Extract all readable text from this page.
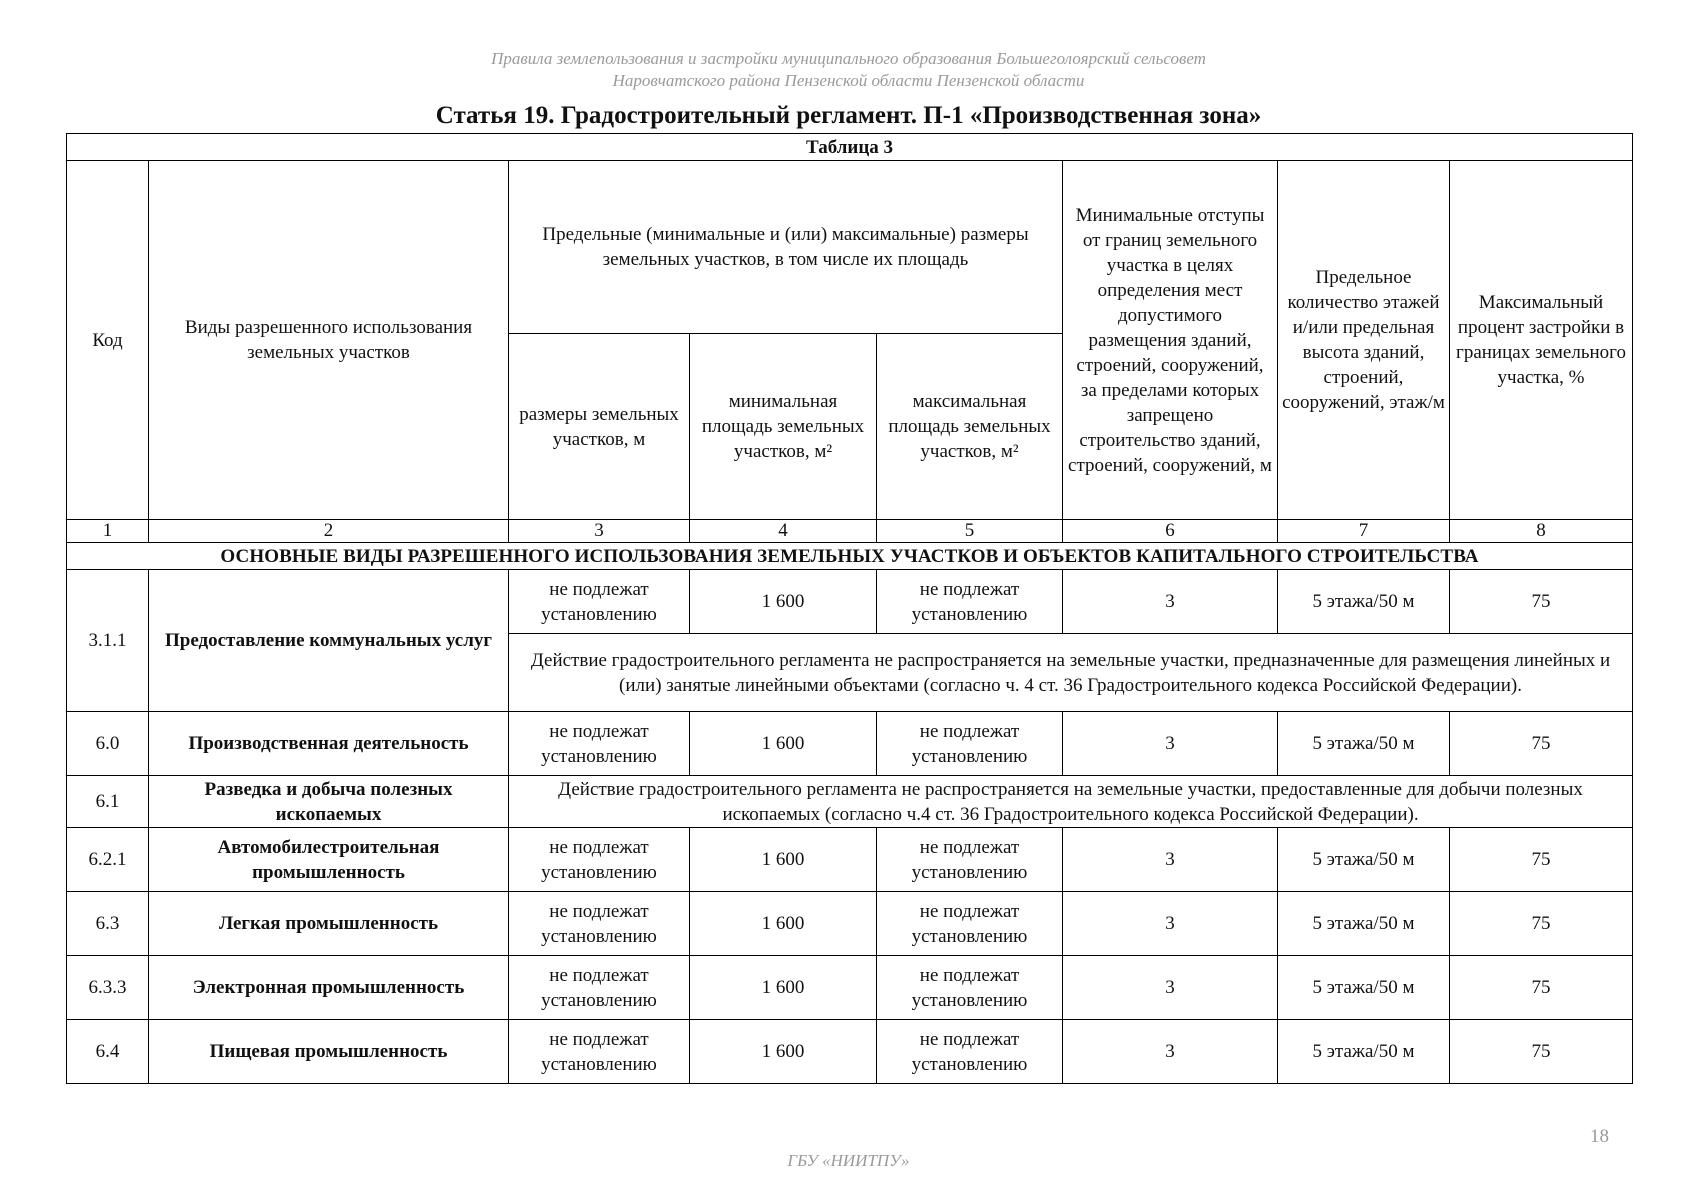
Правила землепользования и застройки муниципального образования Большеголоярский сельсовет
Наровчатского района Пензенской области Пензенской области
Статья 19. Градостроительный регламент. П-1 «Производственная зона»
Таблица 3							
Код	Виды разрешенного использования земельных участков	Предельные (минимальные и (или) максимальные) размеры земельных участков, в том числе их площадь			Минимальные отступы от границ земельного участка в целях определения мест допустимого размещения зданий, строений, сооружений, за пределами которых запрещено строительство зданий, строений, сооружений, м	Предельное количество этажей и/или предельная высота зданий, строений, сооружений, этаж/м	Максимальный процент застройки в границах земельного участка, %
		размеры земельных участков, м	минимальная площадь земельных участков, м²	максимальная площадь земельных участков, м²			
1	2	3	4	5	6	7	8
ОСНОВНЫЕ ВИДЫ РАЗРЕШЕННОГО ИСПОЛЬЗОВАНИЯ ЗЕМЕЛЬНЫХ УЧАСТКОВ И ОБЪЕКТОВ КАПИТАЛЬНОГО СТРОИТЕЛЬСТВА							
3.1.1	Предоставление коммунальных услуг	не подлежат установлению	1 600	не подлежат установлению	3	5 этажа/50 м	75
		Действие градостроительного регламента не распространяется на земельные участки, предназначенные для размещения линейных и (или) занятые линейными объектами (согласно ч. 4 ст. 36 Градостроительного кодекса Российской Федерации).					
6.0	Производственная деятельность	не подлежат установлению	1 600	не подлежат установлению	3	5 этажа/50 м	75
6.1	Разведка и добыча полезных ископаемых	Действие градостроительного регламента не распространяется на земельные участки, предоставленные для добычи полезных ископаемых (согласно ч.4 ст. 36 Градостроительного кодекса Российской Федерации).					
6.2.1	Автомобилестроительная промышленность	не подлежат установлению	1 600	не подлежат установлению	3	5 этажа/50 м	75
6.3	Легкая промышленность	не подлежат установлению	1 600	не подлежат установлению	3	5 этажа/50 м	75
6.3.3	Электронная промышленность	не подлежат установлению	1 600	не подлежат установлению	3	5 этажа/50 м	75
6.4	Пищевая промышленность	не подлежат установлению	1 600	не подлежат установлению	3	5 этажа/50 м	75
18
ГБУ «НИИТПУ»
